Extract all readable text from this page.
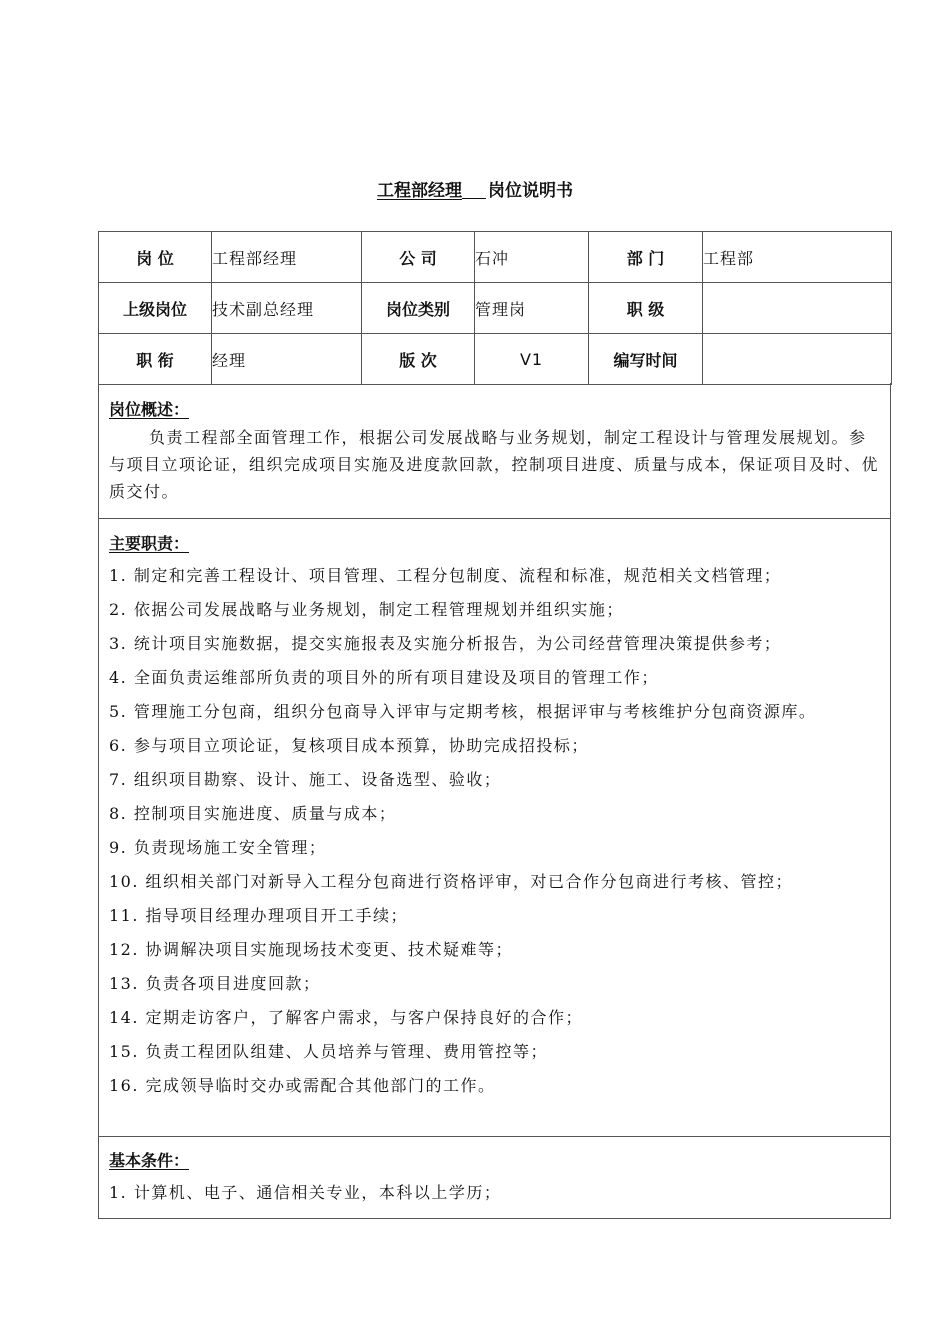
工程部经理 岗位说明书
岗 位	工程部经理	公 司	石冲	部 门	工程部
上级岗位	技术副总经理	岗位类别	管理岗	职 级	
职 衔	经理	版 次	V1	编写时间	

岗位概述：

负责工程部全面管理工作，根据公司发展战略与业务规划，制定工程设计与管理发展规划。参与项目立项论证，组织完成项目实施及进度款回款，控制项目进度、质量与成本，保证项目及时、优质交付。

主要职责：

1. 制定和完善工程设计、项目管理、工程分包制度、流程和标准，规范相关文档管理；

2. 依据公司发展战略与业务规划，制定工程管理规划并组织实施；

3. 统计项目实施数据，提交实施报表及实施分析报告，为公司经营管理决策提供参考；

4. 全面负责运维部所负责的项目外的所有项目建设及项目的管理工作；

5. 管理施工分包商，组织分包商导入评审与定期考核，根据评审与考核维护分包商资源库。

6. 参与项目立项论证，复核项目成本预算，协助完成招投标；

7. 组织项目勘察、设计、施工、设备选型、验收；

8. 控制项目实施进度、质量与成本；

9. 负责现场施工安全管理；

10. 组织相关部门对新导入工程分包商进行资格评审，对已合作分包商进行考核、管控；

11. 指导项目经理办理项目开工手续；

12. 协调解决项目实施现场技术变更、技术疑难等；

13. 负责各项目进度回款；

14. 定期走访客户，了解客户需求，与客户保持良好的合作；

15. 负责工程团队组建、人员培养与管理、费用管控等；

16. 完成领导临时交办或需配合其他部门的工作。

基本条件：

1. 计算机、电子、通信相关专业，本科以上学历；
